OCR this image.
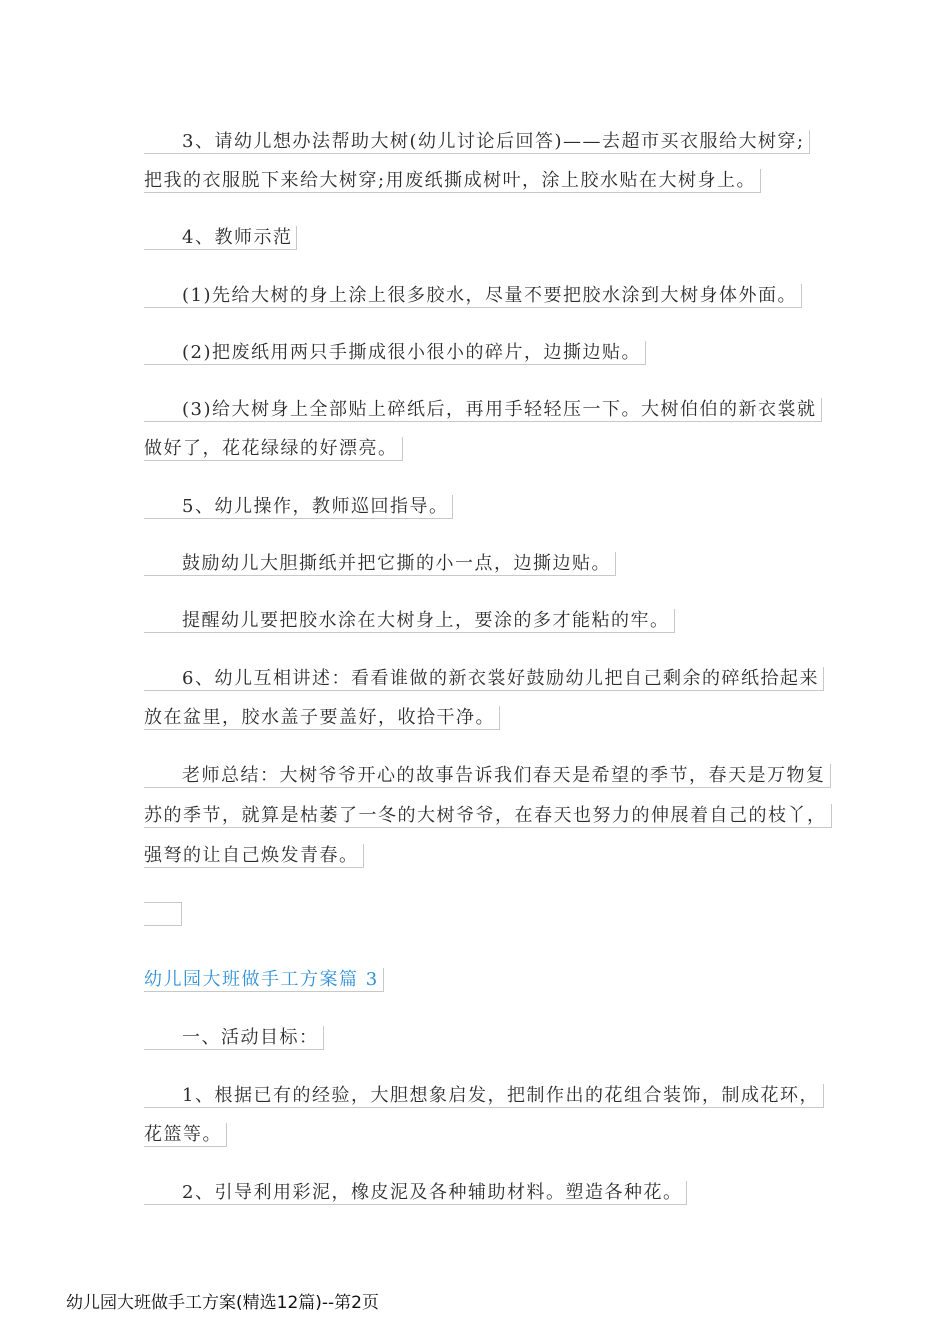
3、请幼儿想办法帮助大树(幼儿讨论后回答)——去超市买衣服给大树穿;
把我的衣服脱下来给大树穿;用废纸撕成树叶，涂上胶水贴在大树身上。
4、教师示范
(1)先给大树的身上涂上很多胶水，尽量不要把胶水涂到大树身体外面。
(2)把废纸用两只手撕成很小很小的碎片，边撕边贴。
(3)给大树身上全部贴上碎纸后，再用手轻轻压一下。大树伯伯的新衣裳就
做好了，花花绿绿的好漂亮。
5、幼儿操作，教师巡回指导。
鼓励幼儿大胆撕纸并把它撕的小一点，边撕边贴。
提醒幼儿要把胶水涂在大树身上，要涂的多才能粘的牢。
6、幼儿互相讲述：看看谁做的新衣裳好鼓励幼儿把自己剩余的碎纸拾起来
放在盆里，胶水盖子要盖好，收拾干净。
老师总结：大树爷爷开心的故事告诉我们春天是希望的季节，春天是万物复
苏的季节，就算是枯萎了一冬的大树爷爷，在春天也努力的伸展着自己的枝丫，
强弩的让自己焕发青春。
幼儿园大班做手工方案篇 3
一、活动目标：
1、根据已有的经验，大胆想象启发，把制作出的花组合装饰，制成花环，
花篮等。
2、引导利用彩泥，橡皮泥及各种辅助材料。塑造各种花。
幼儿园大班做手工方案(精选12篇)--第2页
